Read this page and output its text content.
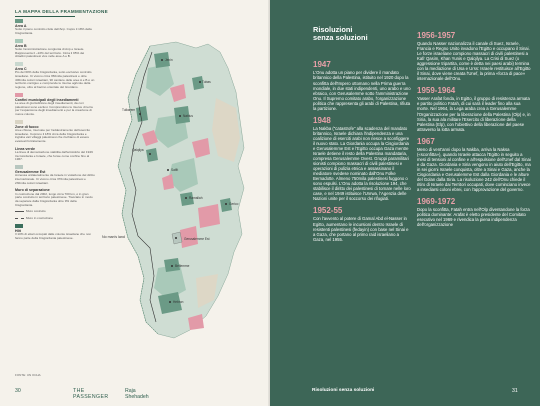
LA MAPPA DELLA FRAMMENTAZIONE
Area A
Sotto il pieno controllo civile dell'Anp. Copre il 18% della Cisgiordania.
Area B
Sotto l'amministrazione congiunta di Anp e Israele. Rappresenta il ~22% del territorio. Circa il 95% dei cittadini palestinesi vive nelle aree A e B.
Area C
Pio del 60% della Cisgiordania, sotto esclusivo controllo israeliano. Ci vivono circa 350mila palestinesi e oltre 400mila coloni israeliani, 90 cantiere delle aree A e B è un territorio contiguo e comprende le risorse agricole della regione, oltre al bacino orientale del Giordano.
Confini municipali degli insediamenti
Le aree di giurisdizione degli insediamenti, da cui i palestinesi sono esclusi. Comprendono le riserve di terra per l'espansione degli insediamenti e per la creazione di nuove colonie.
Zone di fuoco
Aree chiuse, riservate per l'addestramento dell'esercito israeliano. Coprono il 18% circa della Cisgiordania e ingloba vari villaggi palestinesi che rischiano di essere evacuati forzatamente.
Linea verde
La linea di demarcazione stabilita dall'armistizio del 1949 tra Giordania e Israele, che funse come confine fino al 1967.
Gerusalemme Est
Annessa unilateralmente da Israele in violazione del diritto internazionale. Ci vivono circa 370mila palestinesi e 230mila coloni israeliani.
Muro di separazione
In costruzione dal 2002, lungo circa 700 km, è in gran parte costruito in territorio palestinese. Tracciato in modo da separare dalla Cisgiordania oltre 9% della Cisgiordania.
Muro costruito
Muro in costruzione
Hlit
Il 10% di ettari occupati dalle colonie israeliane che non fanno parte della Cisgiordania palestinese.
Jenin
Tubas
Tulkarem
Nablus
Qalqilya
Salfit
Ramallah
Gerico
Gerusalemme Est
Betlemme
Hebron
No man's land
FONTE: UN OCHA
30	THE PASSENGER
Raja Shehadeh
Risoluzioni
senza soluzioni
1947

L'Onu adotta un piano per dividere il mandato britannico della Palestina, istituito nel 1920 dopo la sconfitta dell'Impero ottomano nella Prima guerra mondiale, in due stati indipendenti, uno arabo e uno ebraico, con Gerusalemme sotto l'amministrazione Onu. Il Supremo comitato arabo, l'organizzazione politica che rappresenta gli arabi di Palestina, rifiuta la partizione.

1948

La Nakba ("catastrofe" alla scadenza del mandato britannico, Israele dichiara l'indipendenza e una coalizione di eserciti arabi non riesce a sconfiggere il nuovo stato. La Giordania occupa la Cisgiordania e Gerusalemme Est e l'Egitto occupa Gaza mentre Israele detiene il resto della Palestina mandataria, compresa Gerusalemme Ovest. Gruppi paramilitari sionisti compiono massacri di civili palestinesi e operazioni di pulizia etnica e assassinano il mediatore svedese nominato dall'Onu Folke Bernadotte. Almeno 750mila palestinesi fuggono o sono espulsi. L'Onu adotta la risoluzione 194, che stabilisce il diritto dei palestinesi di tornare nelle loro case, e nel 1949 istituisce l'Unrwa, l'Agenzia delle Nazioni unite per il soccorso dei rifugiati.

1952-55

Con l'avvento al potere di Gamal Abd el-Nasser in Egitto, aumentano le incursioni dentro Israele di resistenti palestinesi (fedayin) con base nel Sinai e a Gaza, che portano al primo raid israeliano a Gaza, nel 1955.

1956-1957

Quando Nasser nazionalizza il canale di Suez, Israele, Francia e Regno Unito invadono l'Egitto e occupano il Sinai. Le forze israeliane compiono massacri di civili palestinesi a Kafr Qasim, Khan Yunis e Qalqilya. La Crisi di Suez (o aggressione tripartita, come è detta nei paesi arabi) termina con la mediazione di Usa e Urss: Israele restituisce all'Egitto il Sinai, dove viene creata l'Unef, la prima «forza di pace» internazionale dell'Onu.

1959-1964

Yasser Arafat fonda, in Egitto, il gruppo di resistenza armata e partito politico Fatah, di cui sarà il leader fino alla sua morte. Nel 1964, la Lega araba crea a Gerusalemme l'Organizzazione per la liberazione della Palestina (Olp) e, in Siria, la sua ala militare l'Esercito di liberazione della Palestina (Elp), con l'obiettivo della liberazione del paese attraverso la lotta armata.

1967

Meno di vent'anni dopo la Nakba, arriva la Naksa («sconfitta»), quando Israele attacca l'Egitto in seguito a mesi di tensioni al confine e all'espulsione dell'Unef dal Sinai e da Gaza. Giordania e Siria vengono in aiuto dell'Egitto, ma in sei giorni Israele conquista, oltre a Sinai e Gaza, anche la Cisgiordania e Gerusalemme Est dalla Giordania e le alture del Golan dalla Siria. La risoluzione 242 dell'Onu chiede il ritiro di Israele dai Territori occupati, dove cominciano invece a insediarsi coloni ebrei, con l'approvazione del governo.

1969-1972

Dopo la sconfitta, Fatah entra nell'Olp diventandone la forza politica dominante: Arafat è eletto presidente del Comitato esecutivo nel 1969 e rivendica la piena indipendenza dell'organizzazione

Risoluzioni senza soluzioni	31
